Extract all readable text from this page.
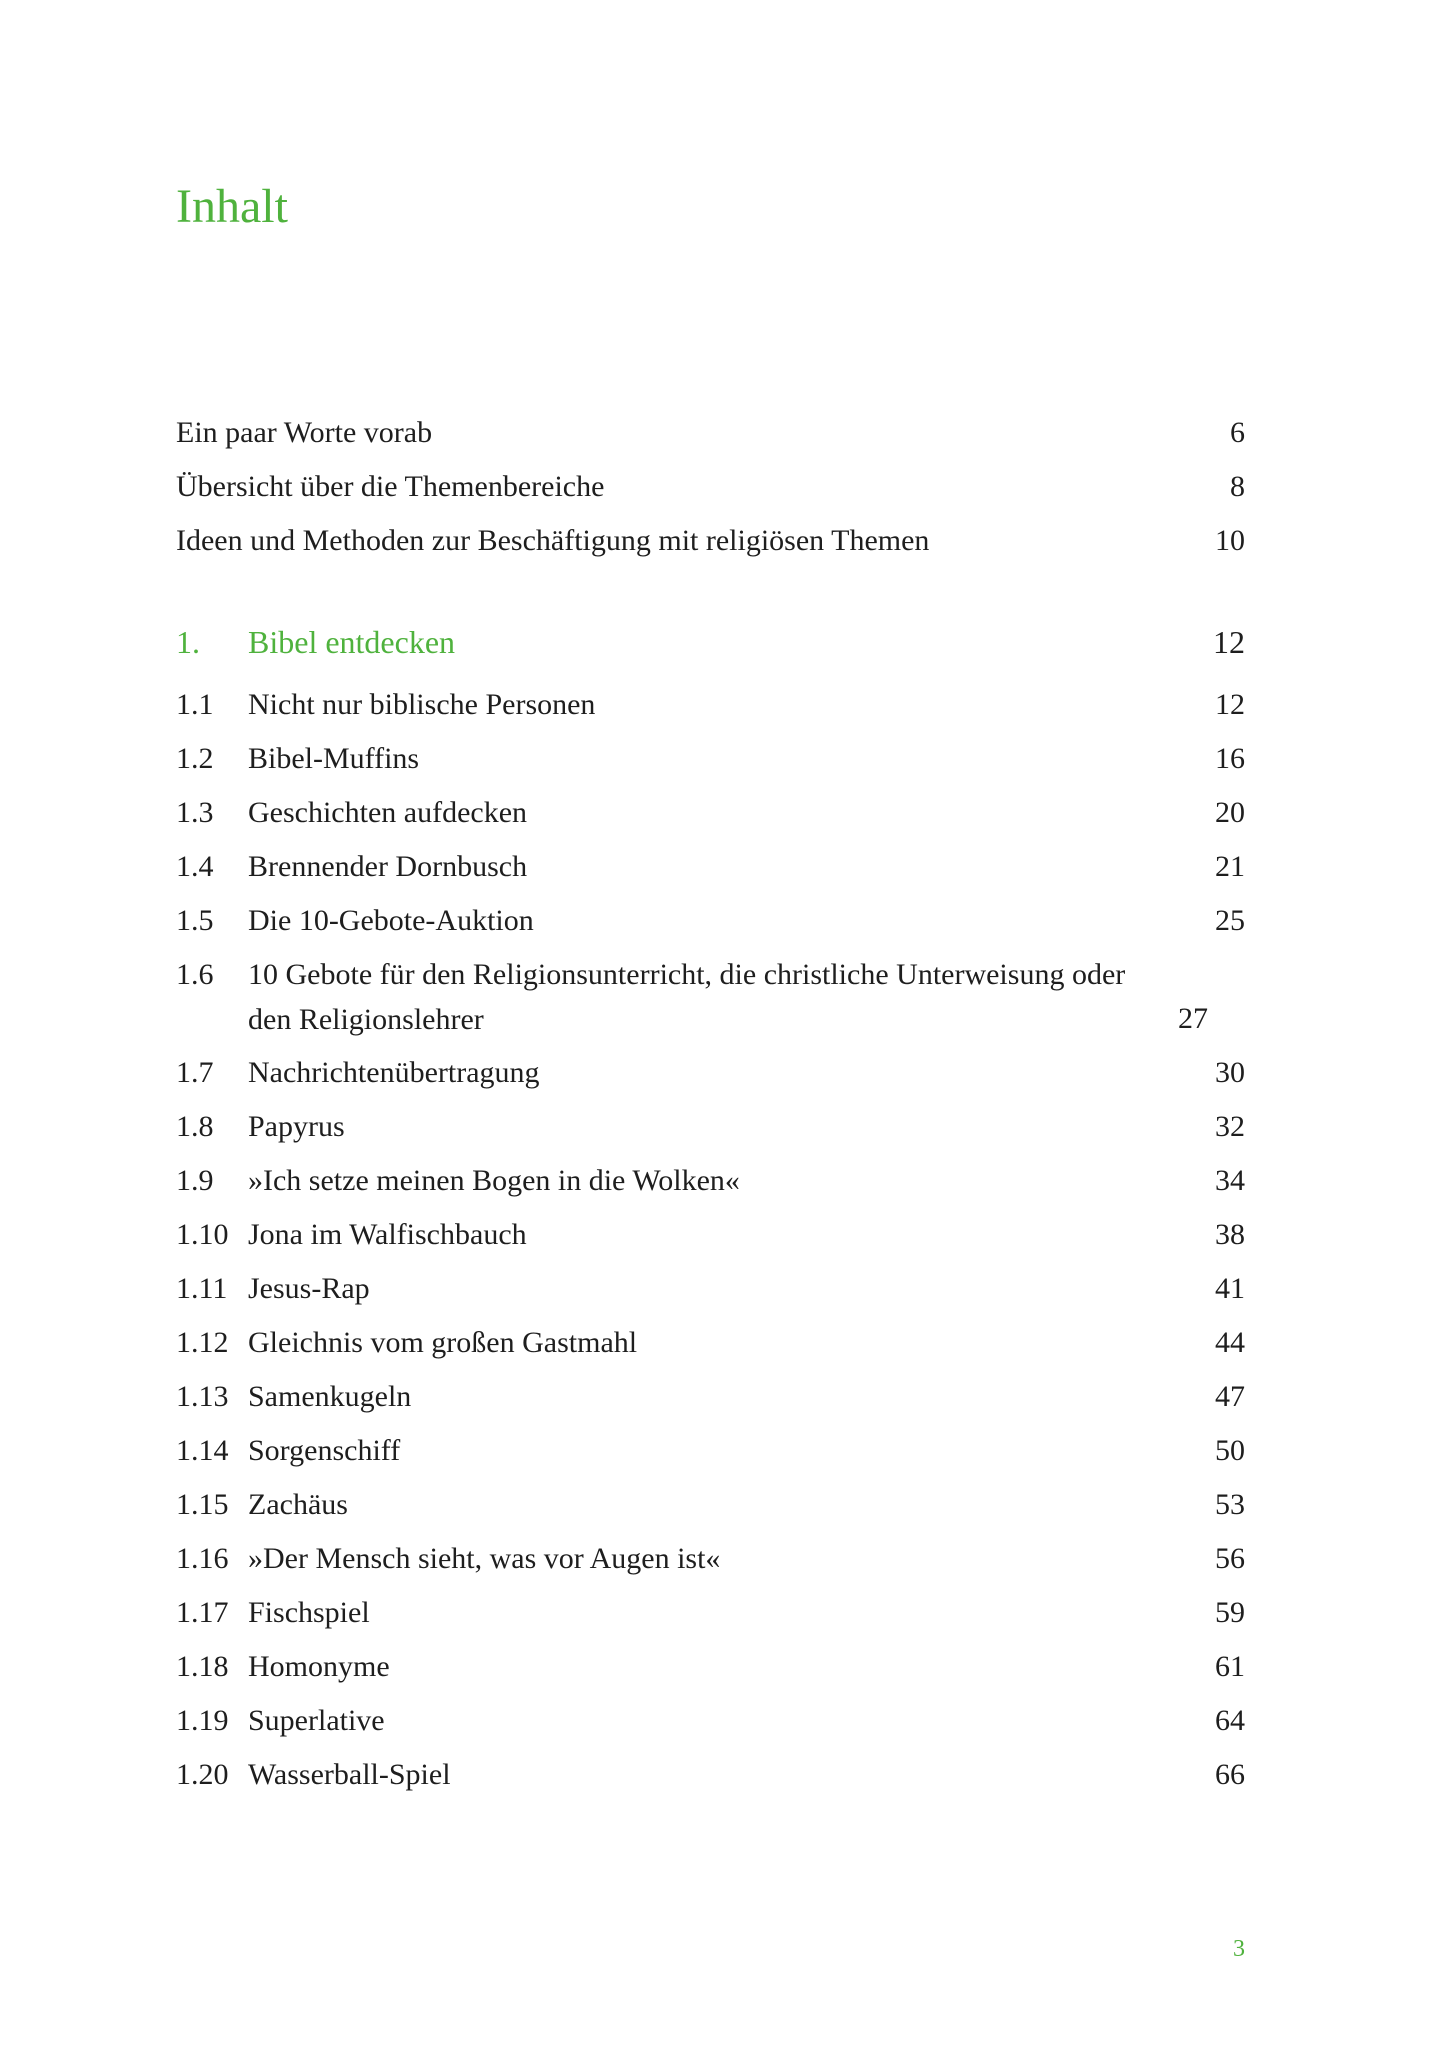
Inhalt
Ein paar Worte vorab	6
Übersicht über die Themenbereiche	8
Ideen und Methoden zur Beschäftigung mit religiösen Themen	10
1.	Bibel entdecken	12
1.1	Nicht nur biblische Personen	12
1.2	Bibel-Muffins	16
1.3	Geschichten aufdecken	20
1.4	Brennender Dornbusch	21
1.5	Die 10-Gebote-Auktion	25
1.6	10 Gebote für den Religionsunterricht, die christliche Unterweisung oder den Religionslehrer	27
1.7	Nachrichtenübertragung	30
1.8	Papyrus	32
1.9	»Ich setze meinen Bogen in die Wolken«	34
1.10 Jona im Walfischbauch	38
1.11 Jesus-Rap	41
1.12 Gleichnis vom großen Gastmahl	44
1.13 Samenkugeln	47
1.14 Sorgenschiff	50
1.15 Zachäus	53
1.16 »Der Mensch sieht, was vor Augen ist«	56
1.17 Fischspiel	59
1.18 Homonyme	61
1.19 Superlative	64
1.20 Wasserball-Spiel	66
3
